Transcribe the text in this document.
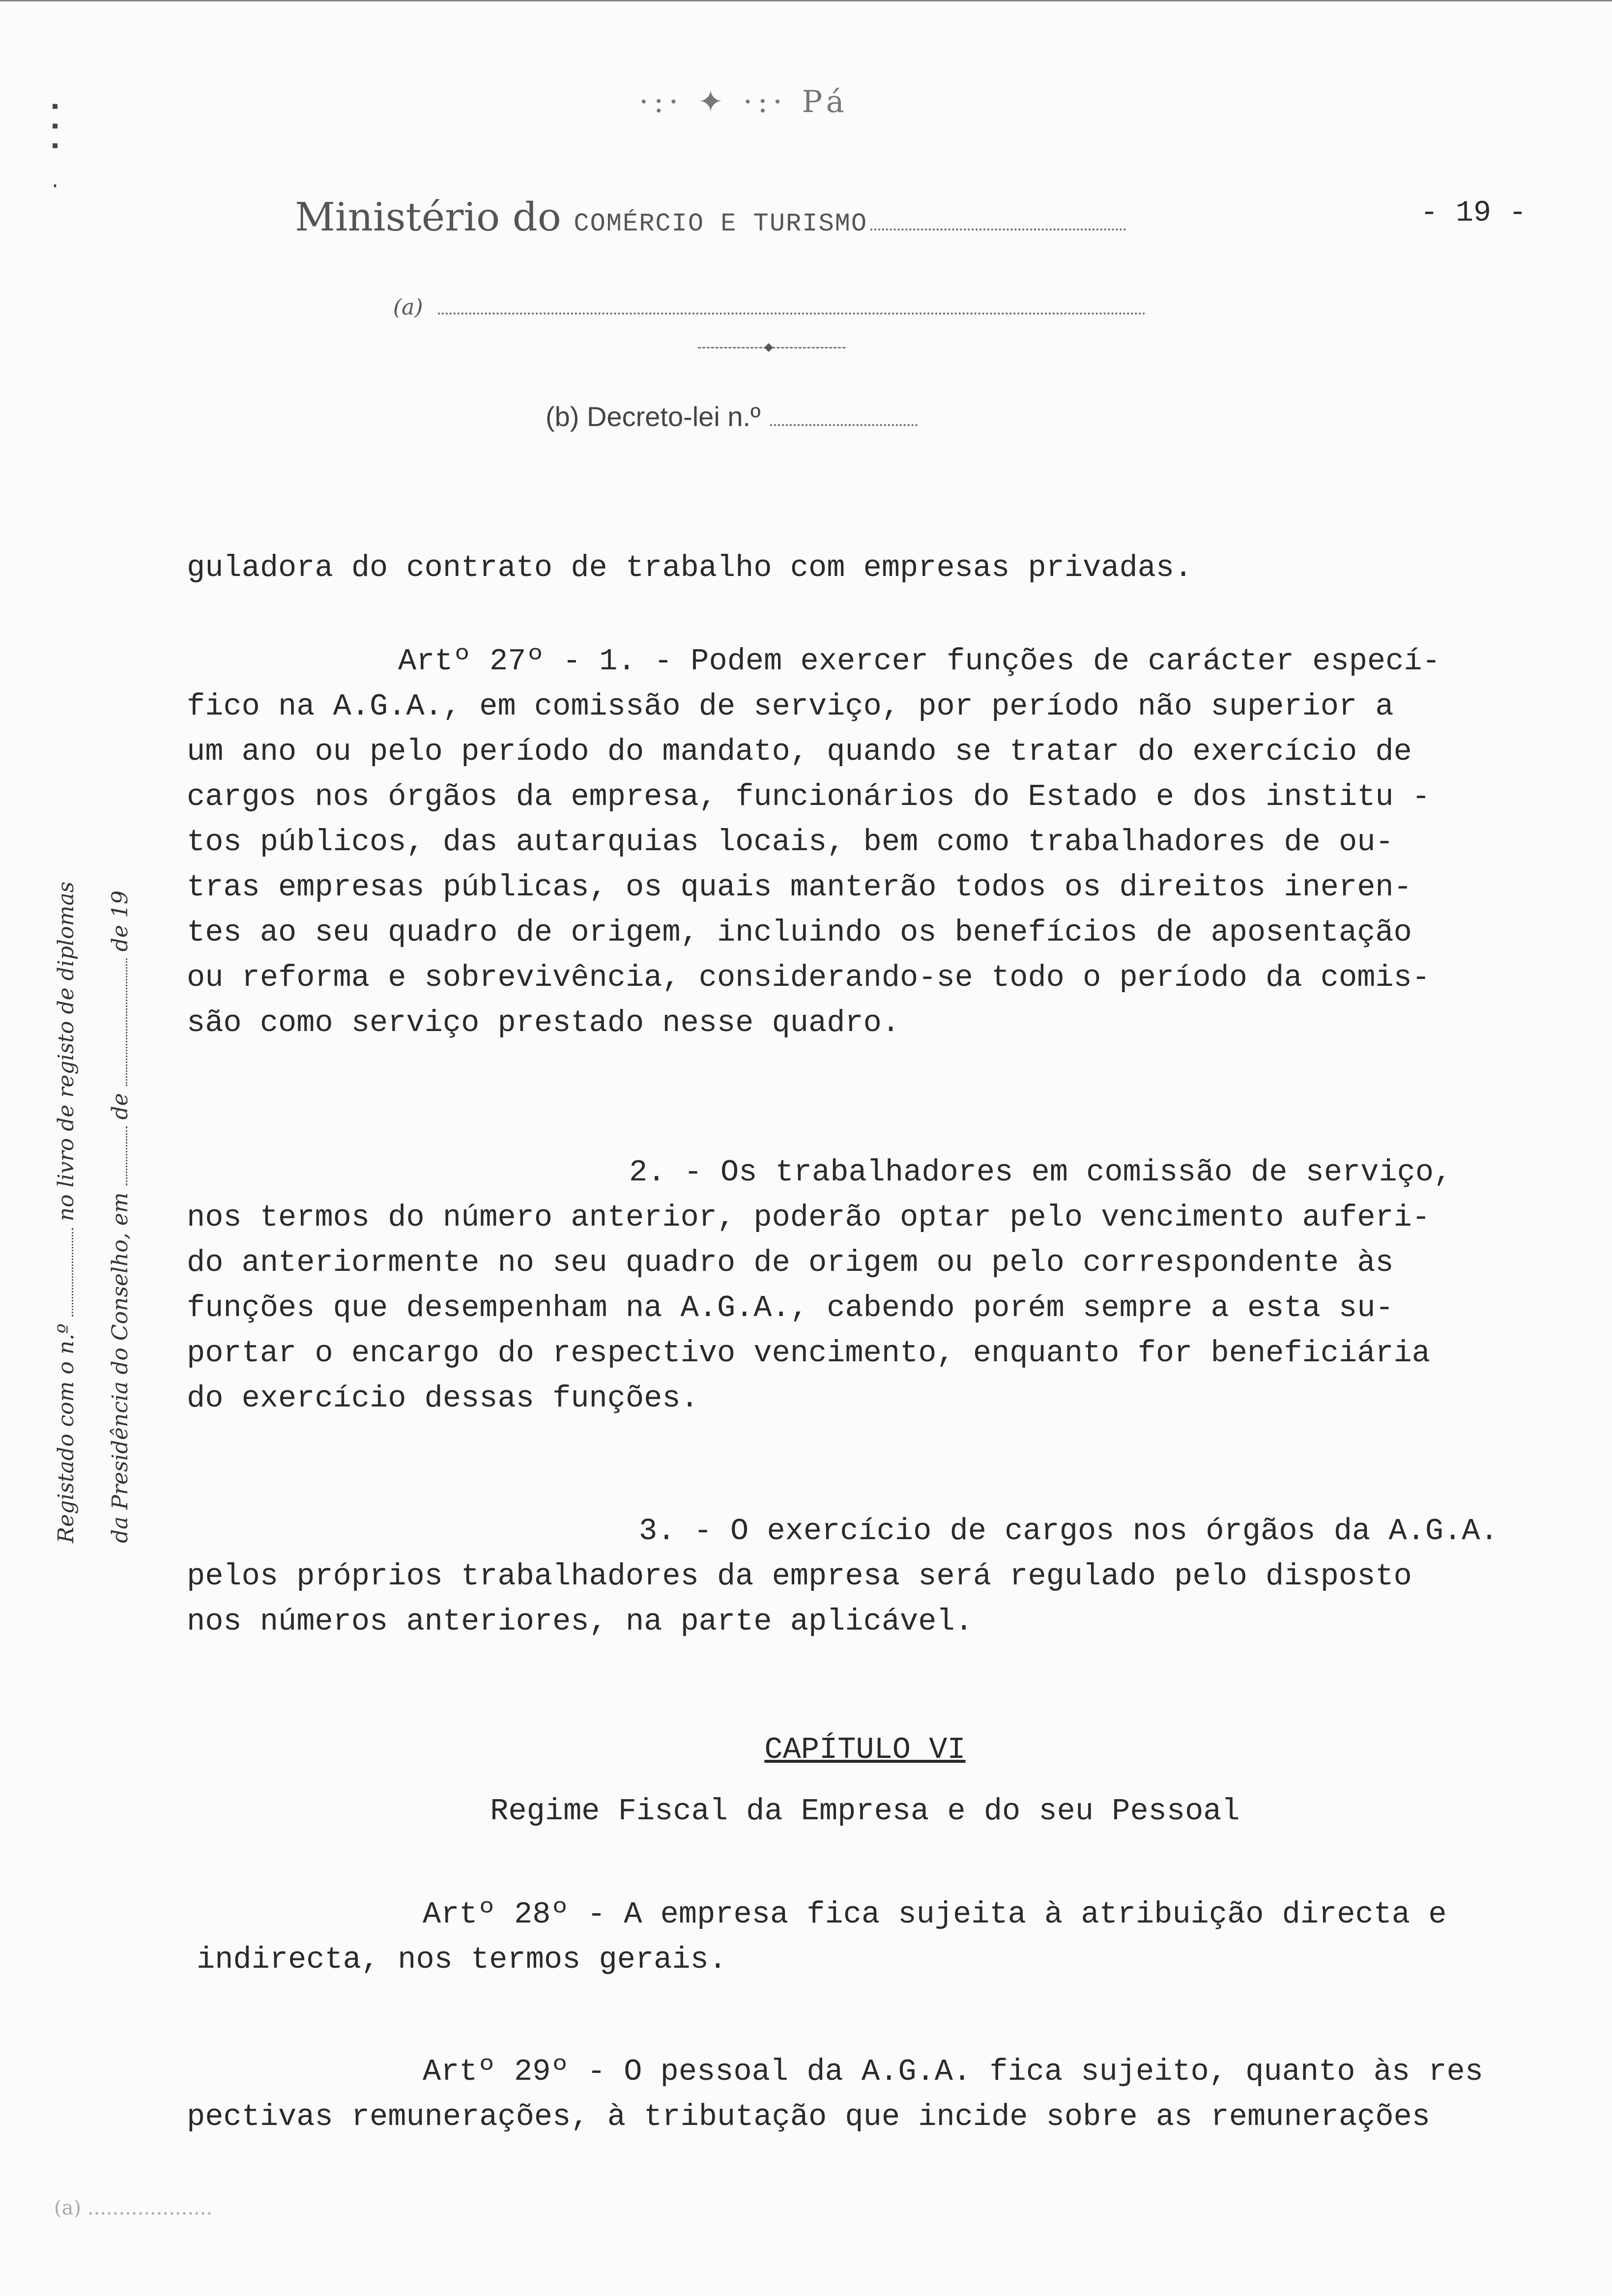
·:· ✦ ·:· Pá
▪
▪
▪

·
Ministério do COMÉRCIO E TURISMO	- 19 -
(a)
◆
(b) Decreto-lei n.º
Registado com o n.º  no livro de registo de diplomas
da Presidência do Conselho, em  de  de 19
guladora do contrato de trabalho com empresas privadas.
Artº 27º - 1. - Podem exercer funções de carácter especí-
fico na A.G.A., em comissão de serviço, por período não superior a
um ano ou pelo período do mandato, quando se tratar do exercício de
cargos nos órgãos da empresa, funcionários do Estado e dos institu -
tos públicos, das autarquias locais, bem como trabalhadores de ou-
tras empresas públicas, os quais manterão todos os direitos ineren-
tes ao seu quadro de origem, incluindo os benefícios de aposentação
ou reforma e sobrevivência, considerando-se todo o período da comis-
são como serviço prestado nesse quadro.
2. - Os trabalhadores em comissão de serviço,
nos termos do número anterior, poderão optar pelo vencimento auferi-
do anteriormente no seu quadro de origem ou pelo correspondente às
funções que desempenham na A.G.A., cabendo porém sempre a esta su-
portar o encargo do respectivo vencimento, enquanto for beneficiária
do exercício dessas funções.
3. - O exercício de cargos nos órgãos da A.G.A.
pelos próprios trabalhadores da empresa será regulado pelo disposto
nos números anteriores, na parte aplicável.
CAPÍTULO VI
Regime Fiscal da Empresa e do seu Pessoal
Artº 28º - A empresa fica sujeita à atribuição directa e
indirecta, nos termos gerais.
Artº 29º - O pessoal da A.G.A. fica sujeito, quanto às res
pectivas remunerações, à tributação que incide sobre as remunerações
(a) ....................
